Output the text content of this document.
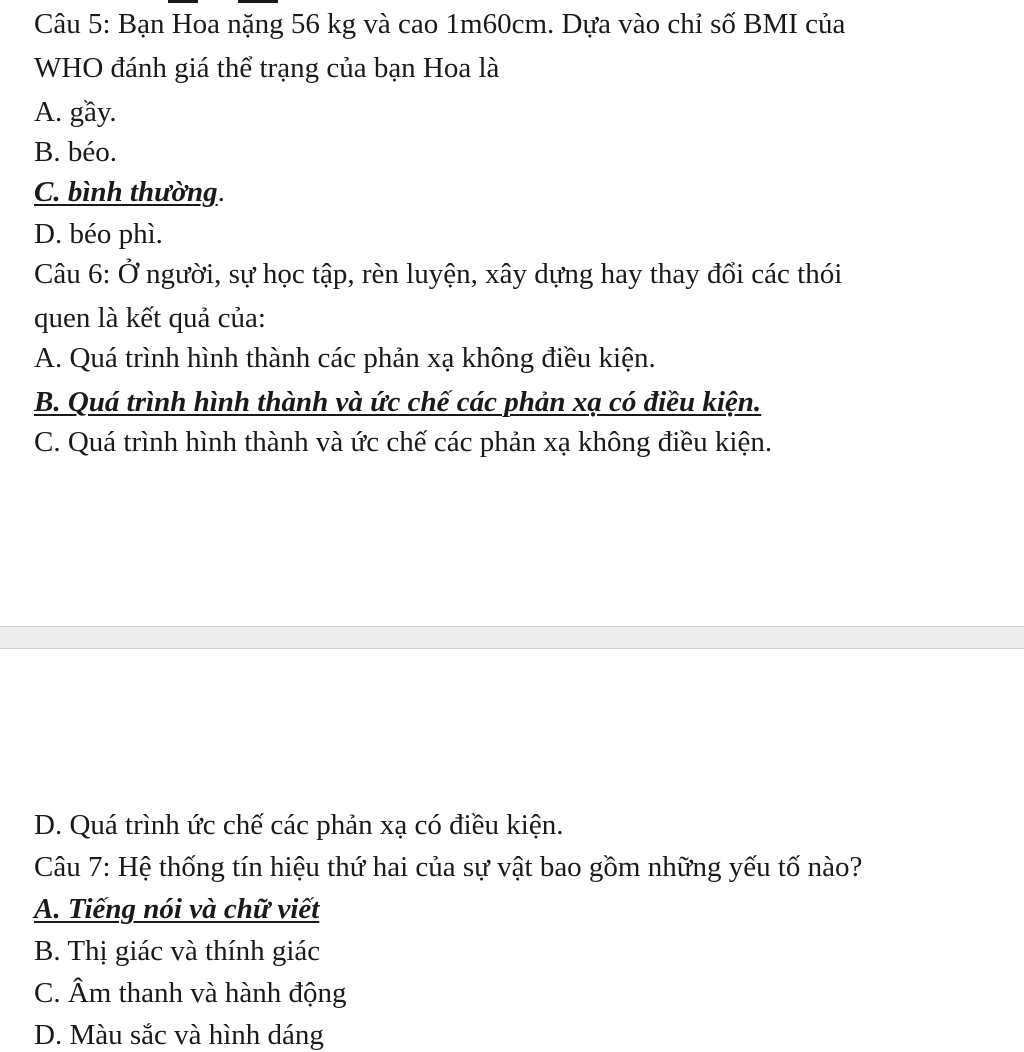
Câu 5: Bạn Hoa nặng 56 kg và cao 1m60cm. Dựa vào chỉ số BMI của
WHO đánh giá thể trạng của bạn Hoa là
A. gầy.
B. béo.
C. bình thường.
D. béo phì.
Câu 6: Ở người, sự học tập, rèn luyện, xây dựng hay thay đổi các thói
quen là kết quả của:
A. Quá trình hình thành các phản xạ không điều kiện.
B. Quá trình hình thành và ức chế các phản xạ có điều kiện.
C. Quá trình hình thành và ức chế các phản xạ không điều kiện.
D. Quá trình ức chế các phản xạ có điều kiện.
Câu 7: Hệ thống tín hiệu thứ hai của sự vật bao gồm những yếu tố nào?
A. Tiếng nói và chữ viết
B. Thị giác và thính giác
C. Âm thanh và hành động
D. Màu sắc và hình dáng
